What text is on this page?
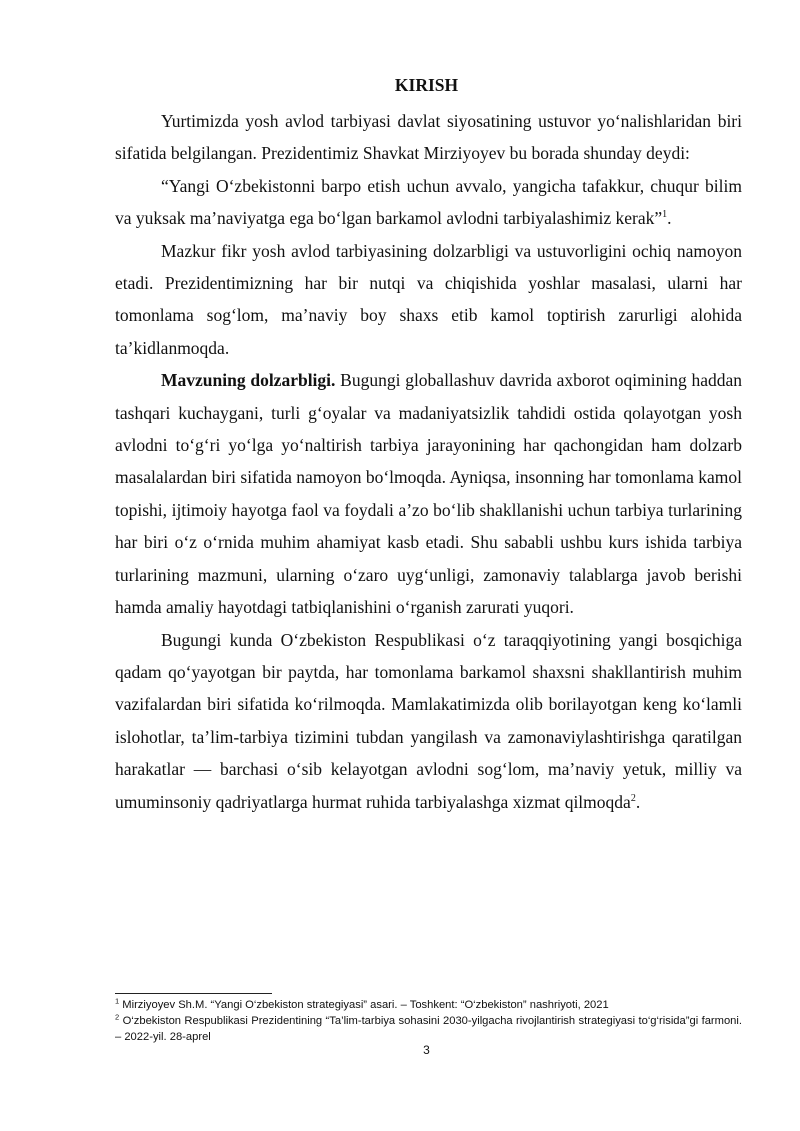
KIRISH

Yurtimizda yosh avlod tarbiyasi davlat siyosatining ustuvor yo‘nalishlaridan biri sifatida belgilangan. Prezidentimiz Shavkat Mirziyoyev bu borada shunday deydi:

“Yangi O‘zbekistonni barpo etish uchun avvalo, yangicha tafakkur, chuqur bilim va yuksak ma’naviyatga ega bo‘lgan barkamol avlodni tarbiyalashimiz kerak”$^1$.

Mazkur fikr yosh avlod tarbiyasining dolzarbligi va ustuvorligini ochiq namoyon etadi. Prezidentimizning har bir nutqi va chiqishida yoshlar masalasi, ularni har tomonlama sog‘lom, ma’naviy boy shaxs etib kamol toptirish zarurligi alohida ta’kidlanmoqda.

Mavzuning dolzarbligi. Bugungi globallashuv davrida axborot oqimining haddan tashqari kuchaygani, turli g‘oyalar va madaniyatsizlik tahdidi ostida qolayotgan yosh avlodni to‘g‘ri yo‘lga yo‘naltirish tarbiya jarayonining har qachongidan ham dolzarb masalalardan biri sifatida namoyon bo‘lmoqda. Ayniqsa, insonning har tomonlama kamol topishi, ijtimoiy hayotga faol va foydali a’zo bo‘lib shakllanishi uchun tarbiya turlarining har biri o‘z o‘rnida muhim ahamiyat kasb etadi. Shu sababli ushbu kurs ishida tarbiya turlarining mazmuni, ularning o‘zaro uyg‘unligi, zamonaviy talablarga javob berishi hamda amaliy hayotdagi tatbiqlanishini o‘rganish zarurati yuqori.

Bugungi kunda O‘zbekiston Respublikasi o‘z taraqqiyotining yangi bosqichiga qadam qo‘yayotgan bir paytda, har tomonlama barkamol shaxsni shakllantirish muhim vazifalardan biri sifatida ko‘rilmoqda. Mamlakatimizda olib borilayotgan keng ko‘lamli islohotlar, ta’lim-tarbiya tizimini tubdan yangilash va zamonaviylashtirishga qaratilgan harakatlar — barchasi o‘sib kelayotgan avlodni sog‘lom, ma’naviy yetuk, milliy va umuminsoniy qadriyatlarga hurmat ruhida tarbiyalashga xizmat qilmoqda$^2$.

$^1$ Mirziyoyev Sh.M. “Yangi O‘zbekiston strategiyasi” asari. – Toshkent: “O‘zbekiston” nashriyoti, 2021
$^2$ O‘zbekiston Respublikasi Prezidentining “Ta’lim-tarbiya sohasini 2030-yilgacha rivojlantirish strategiyasi to‘g‘risida”gi farmoni. – 2022-yil. 28-aprel
3
